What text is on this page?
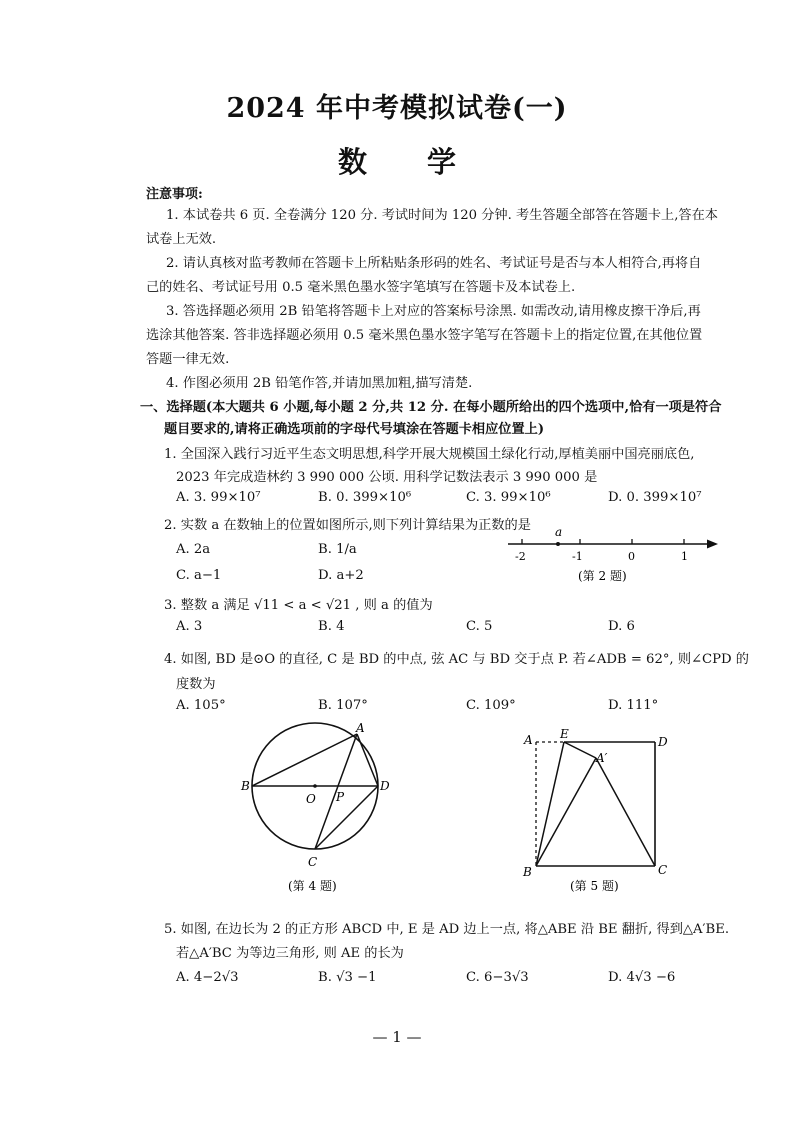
2024 年中考模拟试卷(一)
数学
注意事项:
1. 本试卷共 6 页. 全卷满分 120 分. 考试时间为 120 分钟. 考生答题全部答在答题卡上,答在本
试卷上无效.
2. 请认真核对监考教师在答题卡上所粘贴条形码的姓名、考试证号是否与本人相符合,再将自
己的姓名、考试证号用 0.5 毫米黑色墨水签字笔填写在答题卡及本试卷上.
3. 答选择题必须用 2B 铅笔将答题卡上对应的答案标号涂黑. 如需改动,请用橡皮擦干净后,再
选涂其他答案. 答非选择题必须用 0.5 毫米黑色墨水签字笔写在答题卡上的指定位置,在其他位置
答题一律无效.
4. 作图必须用 2B 铅笔作答,并请加黑加粗,描写清楚.
一、选择题(本大题共 6 小题,每小题 2 分,共 12 分. 在每小题所给出的四个选项中,恰有一项是符合
题目要求的,请将正确选项前的字母代号填涂在答题卡相应位置上)
1. 全国深入践行习近平生态文明思想,科学开展大规模国土绿化行动,厚植美丽中国亮丽底色,
2023 年完成造林约 3 990 000 公顷. 用科学记数法表示 3 990 000 是
A. 3. 99×10⁷	B. 0. 399×10⁶	C. 3. 99×10⁶	D. 0. 399×10⁷
2. 实数 a 在数轴上的位置如图所示,则下列计算结果为正数的是
A. 2a	B. 1/a
C. a−1	D. a+2
a
-2	-1	0	1
(第 2 题)
3. 整数 a 满足 √11 < a < √21 , 则 a 的值为
A. 3	B. 4	C. 5	D. 6
4. 如图, BD 是⊙O 的直径, C 是 BD 的中点, 弦 AC 与 BD 交于点 P. 若∠ADB = 62°, 则∠CPD 的
度数为
A. 105°	B. 107°	C. 109°	D. 111°
A
B
O P
D
C
(第 4 题)
A E
D
A′
B	C
(第 5 题)
5. 如图, 在边长为 2 的正方形 ABCD 中, E 是 AD 边上一点, 将△ABE 沿 BE 翻折, 得到△A′BE.
若△A′BC 为等边三角形, 则 AE 的长为
A. 4−2√3	B. √3 −1	C. 6−3√3	D. 4√3 −6
— 1 —
